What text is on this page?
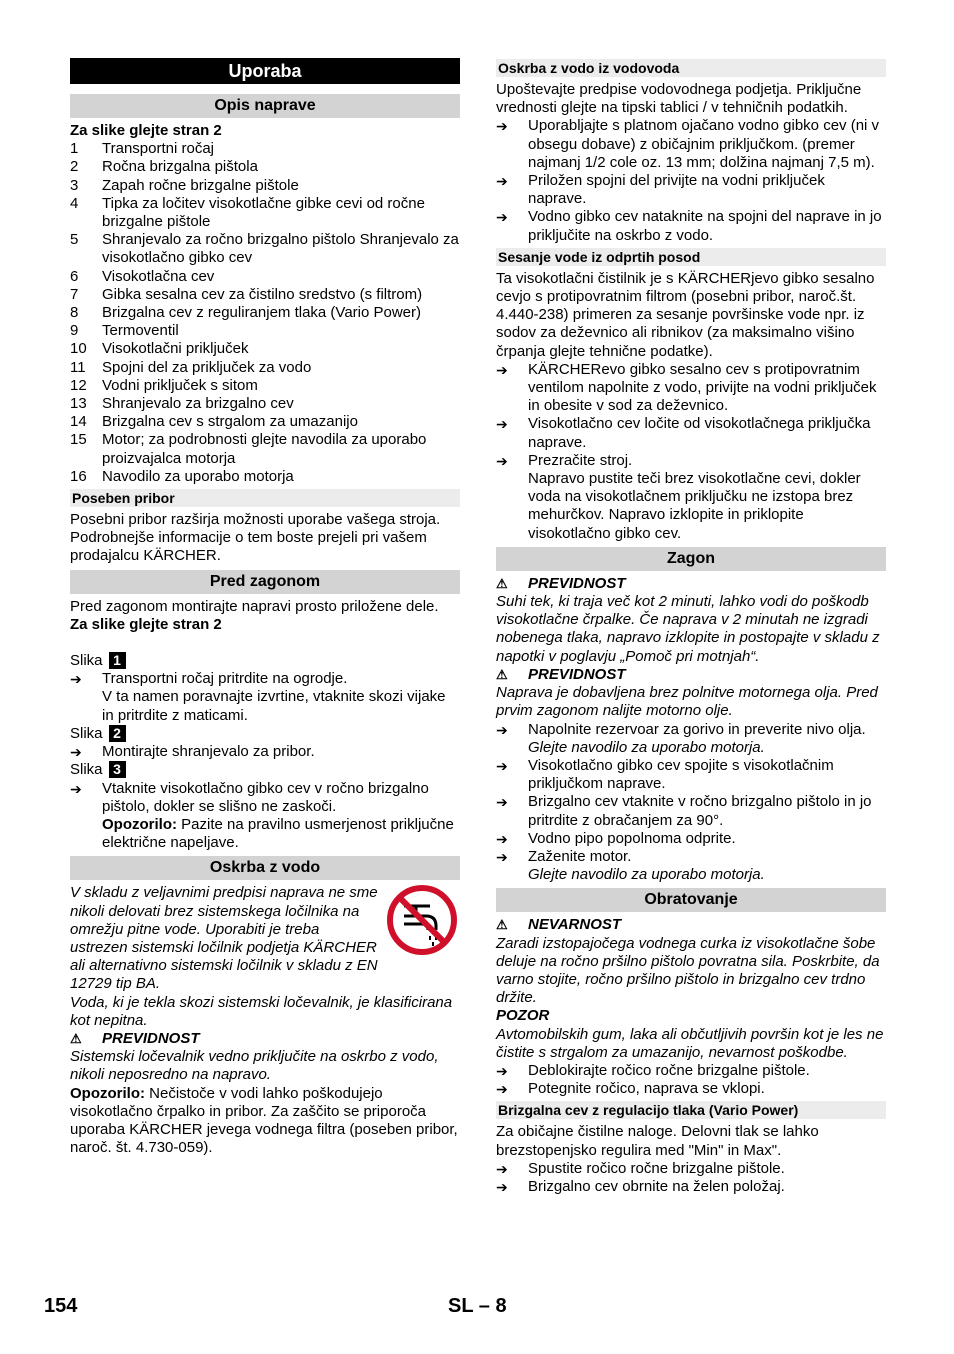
Uporaba
Opis naprave

Za slike glejte stran 2

1	Transportni ročaj
2	Ročna brizgalna pištola
3	Zapah ročne brizgalne pištole
4	Tipka za ločitev visokotlačne gibke cevi od ročne brizgalne pištole
5	Shranjevalo za ročno brizgalno pištolo Shranjevalo za visokotlačno gibko cev
6	Visokotlačna cev
7	Gibka sesalna cev za čistilno sredstvo (s filtrom)
8	Brizgalna cev z reguliranjem tlaka (Vario Power)
9	Termoventil
10	Visokotlačni priključek
11	Spojni del za priključek za vodo
12	Vodni priključek s sitom
13	Shranjevalo za brizgalno cev
14	Brizgalna cev s strgalom za umazanijo
15	Motor; za podrobnosti glejte navodila za uporabo proizvajalca motorja
16	Navodilo za uporabo motorja
Poseben pribor

Posebni pribor razširja možnosti uporabe vašega stroja. Podrobnejše informacije o tem boste prejeli pri vašem prodajalcu KÄRCHER.

Pred zagonom

Pred zagonom montirajte napravi prosto priložene dele.

Za slike glejte stran 2

Slika 1

➔	Transportni ročaj pritrdite na ogrodje.

V ta namen poravnajte izvrtine, vtaknite skozi vijake in pritrdite z maticami.

Slika 2

➔	Montirajte shranjevalo za pribor.

Slika 3

➔	Vtaknite visokotlačno gibko cev v ročno brizgalno pištolo, dokler se slišno ne zaskoči.

Opozorilo: Pazite na pravilno usmerjenost priključne električne napeljave.

Oskrba z vodo

V skladu z veljavnimi predpisi naprava ne sme nikoli delovati brez sistemskega ločilnika na omrežju pitne vode. Uporabiti je treba ustrezen sistemski ločilnik podjetja KÄRCHER ali alternativno sistemski ločilnik v skladu z EN 12729 tip BA.

Voda, ki je tekla skozi sistemski ločevalnik, je klasificirana kot nepitna.

⚠	PREVIDNOST

Sistemski ločevalnik vedno priključite na oskrbo z vodo, nikoli neposredno na napravo.

Opozorilo: Nečistoče v vodi lahko poškodujejo visokotlačno črpalko in pribor. Za zaščito se priporoča uporaba KÄRCHER jevega vodnega filtra (poseben pribor, naroč. št. 4.730-059).

Oskrba z vodo iz vodovoda

Upoštevajte predpise vodovodnega podjetja. Priključne vrednosti glejte na tipski tablici / v tehničnih podatkih.

➔	Uporabljajte s platnom ojačano vodno gibko cev (ni v obsegu dobave) z običajnim priključkom. (premer najmanj 1/2 cole oz. 13 mm; dolžina najmanj 7,5 m).
➔	Priložen spojni del privijte na vodni priključek naprave.
➔	Vodno gibko cev nataknite na spojni del naprave in jo priključite na oskrbo z vodo.
Sesanje vode iz odprtih posod

Ta visokotlačni čistilnik je s KÄRCHERjevo gibko sesalno cevjo s protipovratnim filtrom (posebni pribor, naroč.št. 4.440-238) primeren za sesanje površinske vode npr. iz sodov za deževnico ali ribnikov (za maksimalno višino črpanja glejte tehnične podatke).

➔	KÄRCHERevo gibko sesalno cev s protipovratnim ventilom napolnite z vodo, privijte na vodni priključek in obesite v sod za deževnico.
➔	Visokotlačno cev ločite od visokotlačnega priključka naprave.
➔	Prezračite stroj.

Napravo pustite teči brez visokotlačne cevi, dokler voda na visokotlačnem priključku ne izstopa brez mehurčkov. Napravo izklopite in priklopite visokotlačno gibko cev.

Zagon
⚠	PREVIDNOST

Suhi tek, ki traja več kot 2 minuti, lahko vodi do poškodb visokotlačne črpalke. Če naprava v 2 minutah ne izgradi nobenega tlaka, napravo izklopite in postopajte v skladu z napotki v poglavju „Pomoč pri motnjah“.

⚠	PREVIDNOST

Naprava je dobavljena brez polnitve motornega olja. Pred prvim zagonom nalijte motorno olje.

➔	Napolnite rezervoar za gorivo in preverite nivo olja.

Glejte navodilo za uporabo motorja.

➔	Visokotlačno gibko cev spojite s visokotlačnim priključkom naprave.
➔	Brizgalno cev vtaknite v ročno brizgalno pištolo in jo pritrdite z obračanjem za 90°.
➔	Vodno pipo popolnoma odprite.
➔	Zaženite motor.

Glejte navodilo za uporabo motorja.

Obratovanje
⚠	NEVARNOST

Zaradi izstopajočega vodnega curka iz visokotlačne šobe deluje na ročno pršilno pištolo povratna sila. Poskrbite, da varno stojite, ročno pršilno pištolo in brizgalno cev trdno držite.

POZOR

Avtomobilskih gum, laka ali občutljivih površin kot je les ne čistite s strgalom za umazanijo, nevarnost poškodbe.

➔	Deblokirajte ročico ročne brizgalne pištole.
➔	Potegnite ročico, naprava se vklopi.
Brizgalna cev z regulacijo tlaka (Vario Power)

Za običajne čistilne naloge. Delovni tlak se lahko brezstopenjsko regulira med "Min" in Max".

➔	Spustite ročico ročne brizgalne pištole.
➔	Brizgalno cev obrnite na želen položaj.
154	SL – 8
